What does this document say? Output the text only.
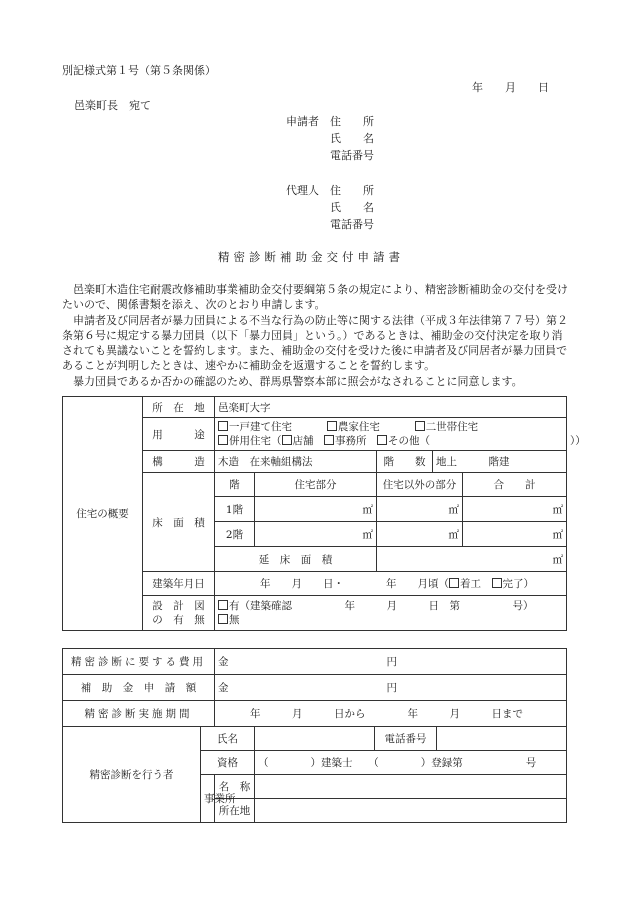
別記様式第１号（第５条関係）
年　　月　　日
邑楽町長　宛て
申請者 住　　所
氏　　名
電話番号
代理人 住　　所
氏　　名
電話番号
精密診断補助金交付申請書

　邑楽町木造住宅耐震改修補助事業補助金交付要綱第５条の規定により、精密診断補助金の交付を受けたいので、関係書類を添え、次のとおり申請します。

　申請者及び同居者が暴力団員による不当な行為の防止等に関する法律（平成３年法律第７７号）第２条第６号に規定する暴力団員（以下「暴力団員」という。）であるときは、補助金の交付決定を取り消されても異議ないことを誓約します。また、補助金の交付を受けた後に申請者及び同居者が暴力団員であることが判明したときは、速やかに補助金を返還することを誓約します。

　暴力団員であるか否かの確認のため、群馬県警察本部に照会がなされることに同意します。

住宅の概要	所　在　地	邑楽町大字				
	用　　　途	一戸建て住宅　　　 農家住宅　　　 二世帯住宅
併用住宅（ 店舗　 事務所　 その他（ ））				

	構　　　造	木造　在来軸組構法		階　　数	地上　　　階建	
	床　面　積	階	住宅部分	住宅以外の部分		合　　計
		1階	㎡	㎡		㎡
		2階	㎡	㎡		㎡
		延　床　面　積		㎡		
	建築年月日	年　　月　　日・　　　　年　　月頃（ 着工　 完了）				

	設　計　図
の　有　無	有（建築確認　　　　　年　　　月　　　日　第　　　　　号）
無				
精密診断に要する費用		金 円			
補　助　金　申　請　額		金 円			
精密診断実施期間		年　　　月　　　日から　　　　年　　　月　　　日まで			
精密診断を行う者	氏名			電話番号	
	資格		（　　　　）建築士　　（　　　　）登録第　　　　　　号		
	事業所	名　称			
		所在地			
